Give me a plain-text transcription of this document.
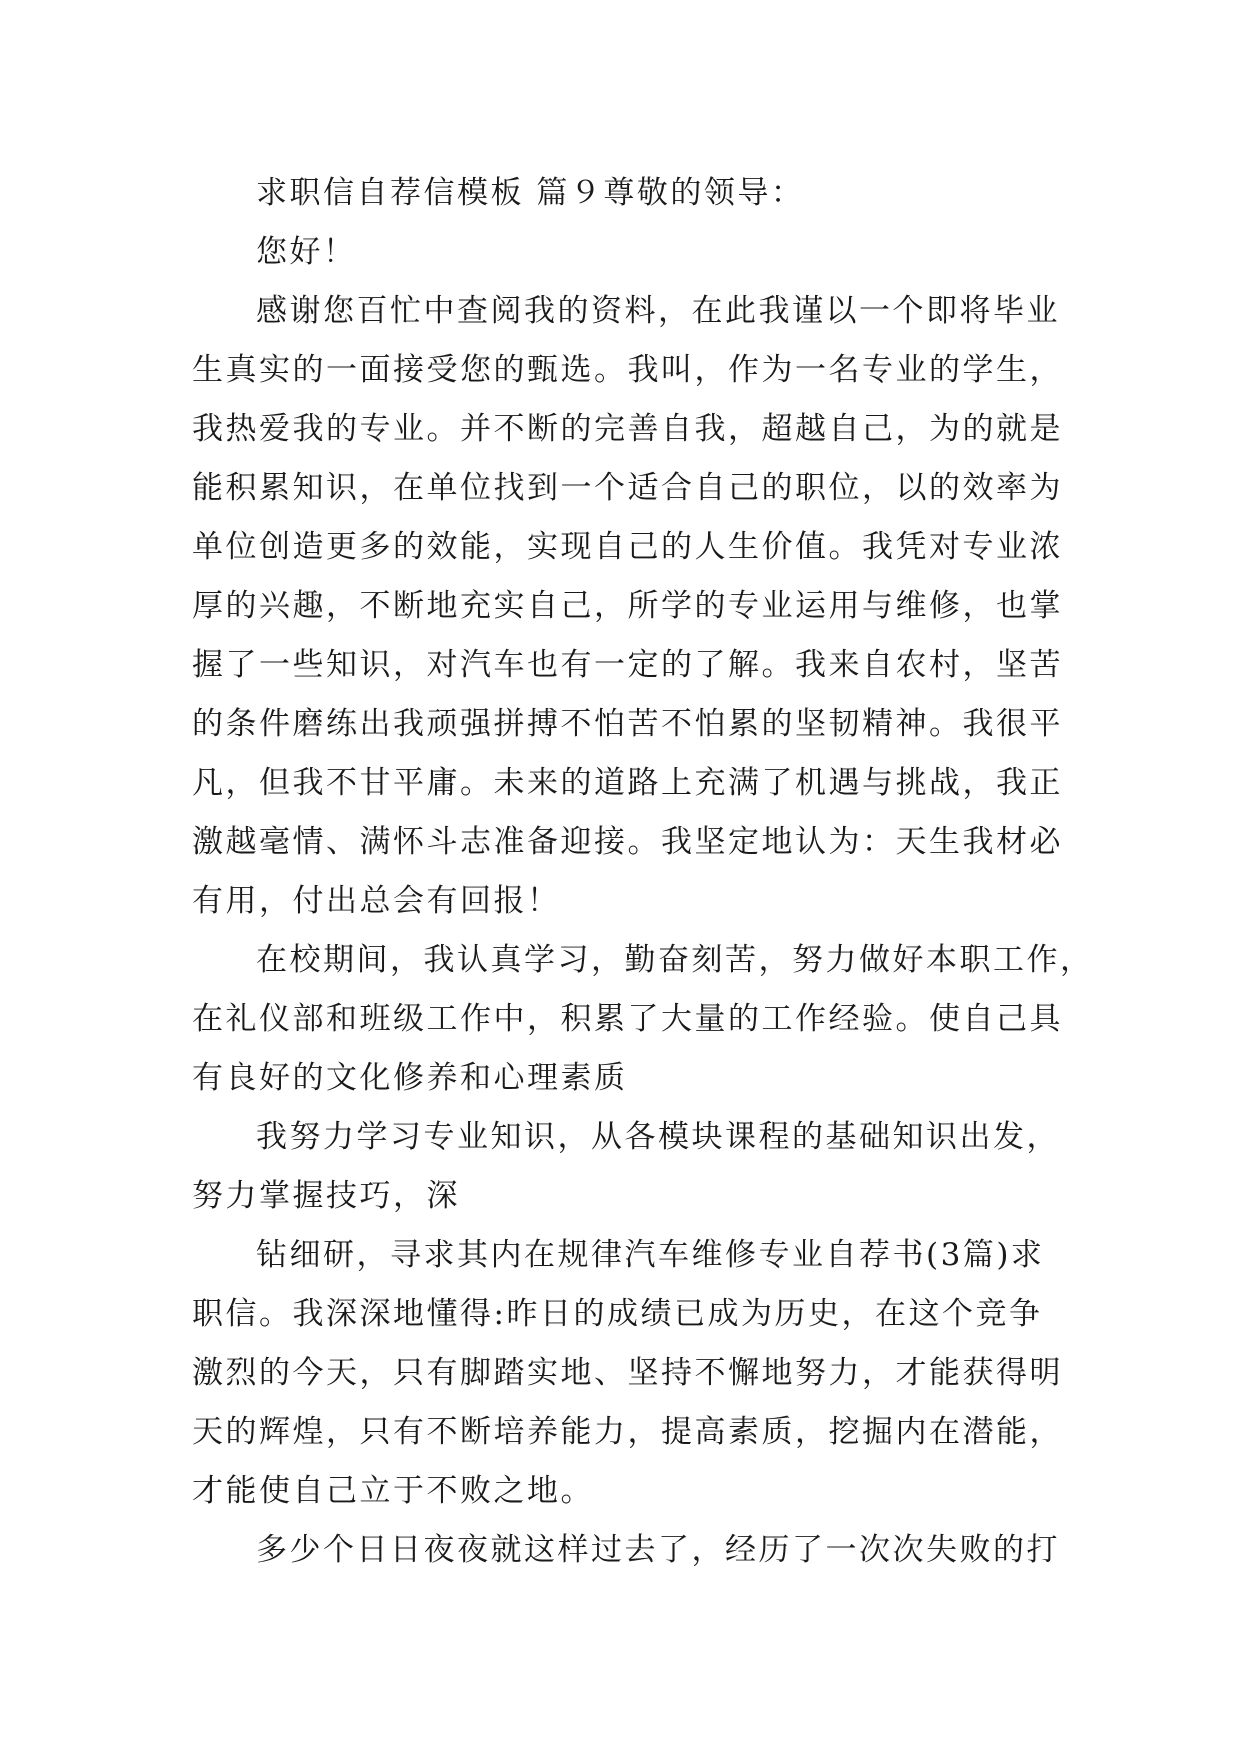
求职信自荐信模板 篇９尊敬的领导：
您好！
感谢您百忙中查阅我的资料，在此我谨以一个即将毕业
生真实的一面接受您的甄选。我叫，作为一名专业的学生，
我热爱我的专业。并不断的完善自我，超越自己，为的就是
能积累知识，在单位找到一个适合自己的职位，以的效率为
单位创造更多的效能，实现自己的人生价值。我凭对专业浓
厚的兴趣，不断地充实自己，所学的专业运用与维修，也掌
握了一些知识，对汽车也有一定的了解。我来自农村，坚苦
的条件磨练出我顽强拼搏不怕苦不怕累的坚韧精神。我很平
凡，但我不甘平庸。未来的道路上充满了机遇与挑战，我正
激越毫情、满怀斗志准备迎接。我坚定地认为：天生我材必
有用，付出总会有回报！
在校期间，我认真学习，勤奋刻苦，努力做好本职工作，
在礼仪部和班级工作中，积累了大量的工作经验。使自己具
有良好的文化修养和心理素质
我努力学习专业知识，从各模块课程的基础知识出发，
努力掌握技巧，深
钻细研，寻求其内在规律汽车维修专业自荐书(3篇)求
职信。我深深地懂得:昨日的成绩已成为历史，在这个竞争
激烈的今天，只有脚踏实地、坚持不懈地努力，才能获得明
天的辉煌，只有不断培养能力，提高素质，挖掘内在潜能，
才能使自己立于不败之地。
多少个日日夜夜就这样过去了，经历了一次次失败的打
